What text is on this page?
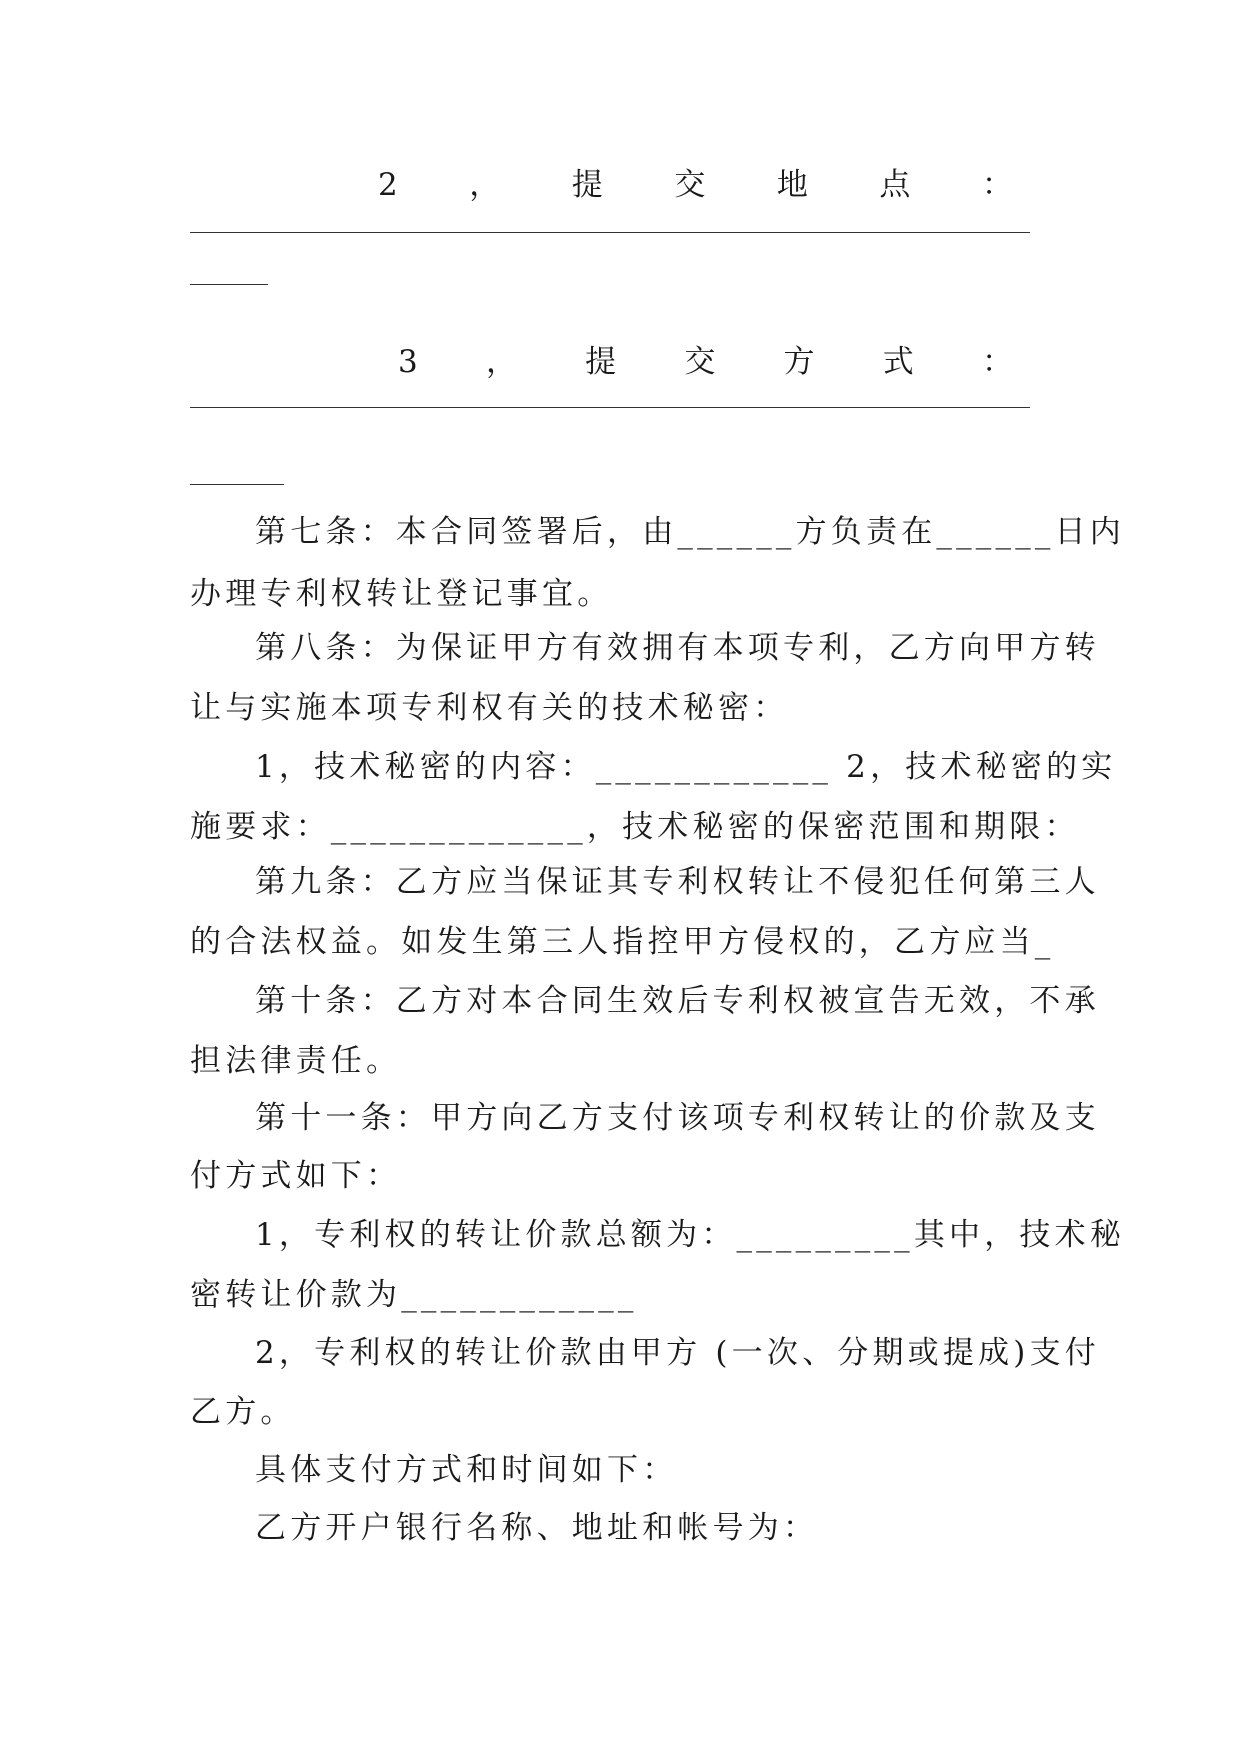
2 ， 提 交 地 点 ：
3 ， 提 交 方 式 ：
第七条：本合同签署后，由______方负责在______日内
办理专利权转让登记事宜。
第八条：为保证甲方有效拥有本项专利，乙方向甲方转
让与实施本项专利权有关的技术秘密：
1，技术秘密的内容：____________ 2，技术秘密的实
施要求：_____________，技术秘密的保密范围和期限：
第九条：乙方应当保证其专利权转让不侵犯任何第三人
的合法权益。如发生第三人指控甲方侵权的，乙方应当_
第十条：乙方对本合同生效后专利权被宣告无效，不承
担法律责任。
第十一条：甲方向乙方支付该项专利权转让的价款及支
付方式如下：
1，专利权的转让价款总额为：_________其中，技术秘
密转让价款为____________
2，专利权的转让价款由甲方 (一次、分期或提成)支付
乙方。
具体支付方式和时间如下：
乙方开户银行名称、地址和帐号为：
